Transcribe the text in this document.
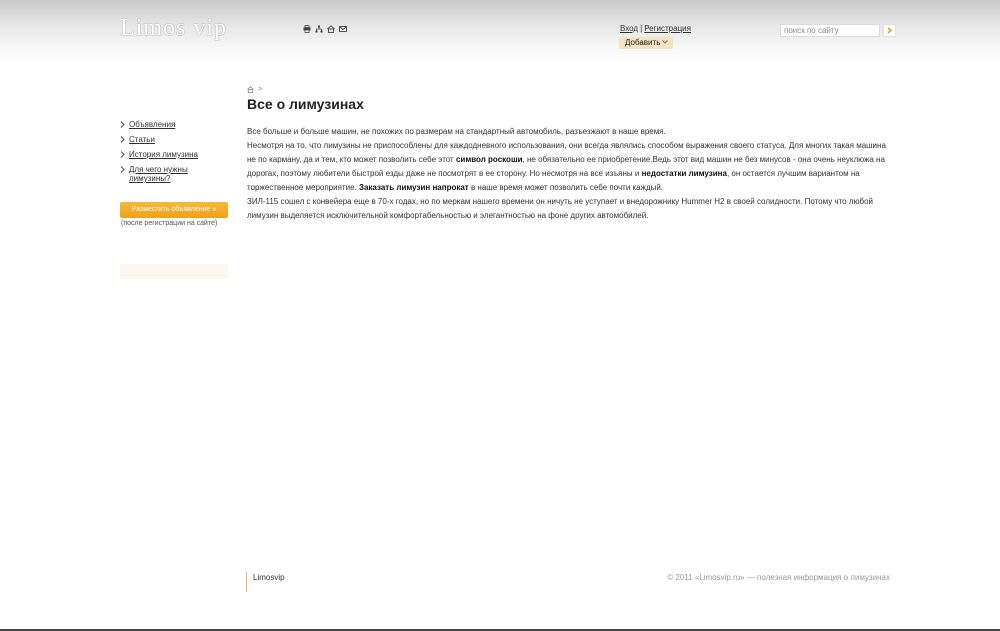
Limos vip	Вход | Регистрация
Добавить
поиск по сайту
Объявления
Статьи
История лимузина
Для чего нужны лимузины?
Разместить объявление »
(после регистрации на сайте)
>
Все о лимузинах

Все больше и больше машин, не похожих по размерам на стандартный автомобиль, разъезжают в наше время.

Несмотря на то, что лимузины не приспособлены для каждодневного использования, они всегда являлись способом выражения своего статуса. Для многих такая машина не по карману, да и тем, кто может позволить себе этот символ роскоши, не обязательно ее приобретение.Ведь этот вид машин не без минусов - она очень неуклюжа на дорогах, поэтому любители быстрой езды даже не посмотрят в ее сторону. Но несмотря на все изъяны и недостатки лимузина, он остается лучшим вариантом на торжественное мероприятие. Заказать лимузин напрокат в наше время может позволить себе почти каждый.

ЗИЛ-115 сошел с конвейера еще в 70-х годах, но по меркам нашего времени он ничуть не уступает и внедорожнику Hummer H2 в своей солидности. Потому что любой лимузин выделяется исключительной комфортабельностью и элегантностью на фоне других автомобилей.

Limosvip	© 2011 «Limosvip.ru» — полезная информация о лимузинах
